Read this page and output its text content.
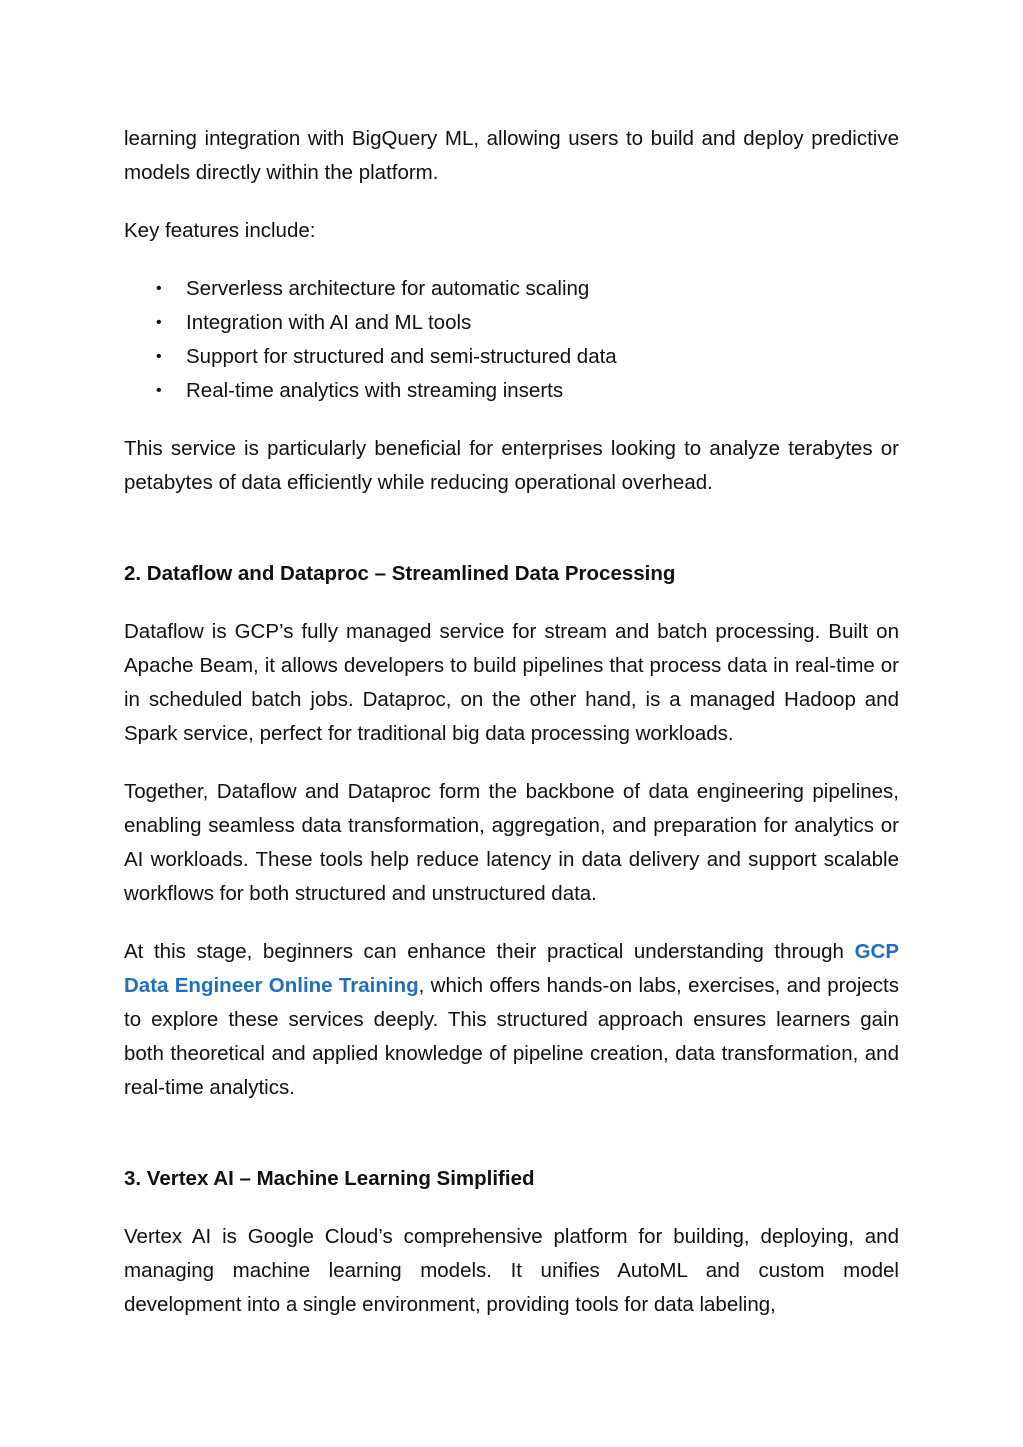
learning integration with BigQuery ML, allowing users to build and deploy predictive models directly within the platform.

Key features include:

• Serverless architecture for automatic scaling
• Integration with AI and ML tools
• Support for structured and semi-structured data
• Real-time analytics with streaming inserts

This service is particularly beneficial for enterprises looking to analyze terabytes or petabytes of data efficiently while reducing operational overhead.

2. Dataflow and Dataproc – Streamlined Data Processing

Dataflow is GCP’s fully managed service for stream and batch processing. Built on Apache Beam, it allows developers to build pipelines that process data in real-time or in scheduled batch jobs. Dataproc, on the other hand, is a managed Hadoop and Spark service, perfect for traditional big data processing workloads.

Together, Dataflow and Dataproc form the backbone of data engineering pipelines, enabling seamless data transformation, aggregation, and preparation for analytics or AI workloads. These tools help reduce latency in data delivery and support scalable workflows for both structured and unstructured data.

At this stage, beginners can enhance their practical understanding through GCP Data Engineer Online Training, which offers hands-on labs, exercises, and projects to explore these services deeply. This structured approach ensures learners gain both theoretical and applied knowledge of pipeline creation, data transformation, and real-time analytics.

3. Vertex AI – Machine Learning Simplified

Vertex AI is Google Cloud’s comprehensive platform for building, deploying, and managing machine learning models. It unifies AutoML and custom model development into a single environment, providing tools for data labeling,
